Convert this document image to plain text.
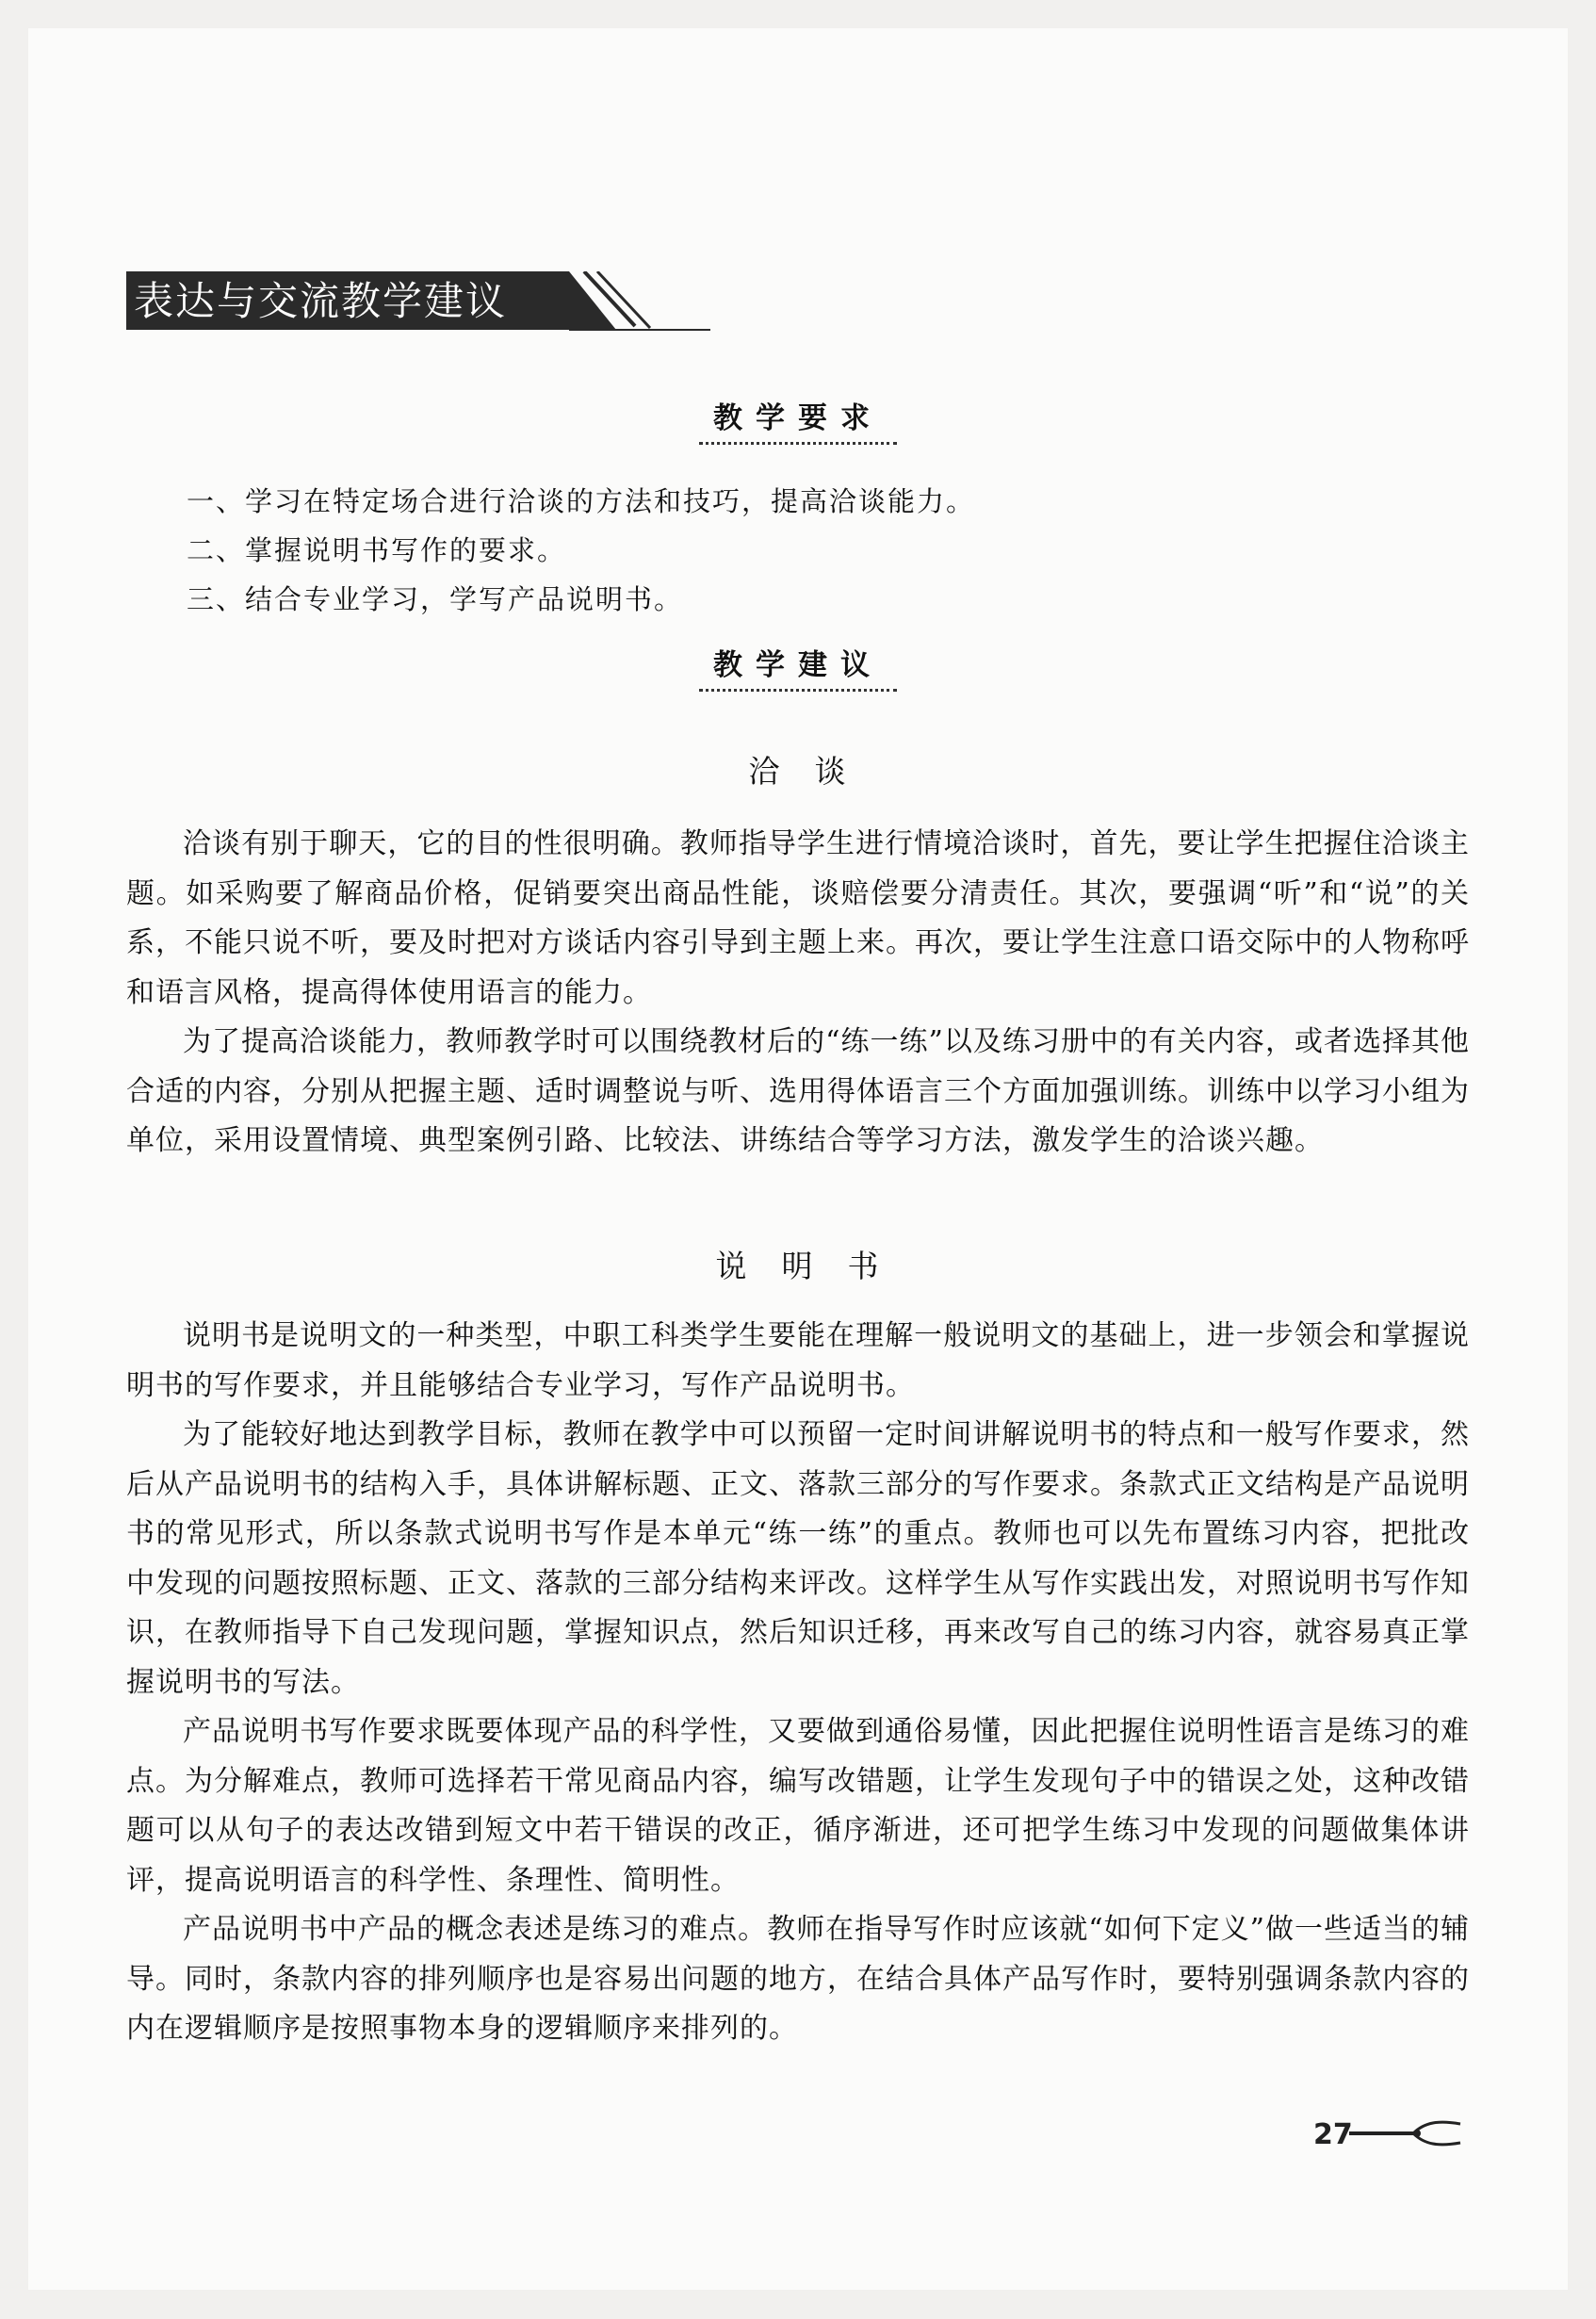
表达与交流教学建议
教学要求
一、学习在特定场合进行洽谈的方法和技巧，提高洽谈能力。
二、掌握说明书写作的要求。
三、结合专业学习，学写产品说明书。
教学建议
洽　谈

洽谈有别于聊天，它的目的性很明确。教师指导学生进行情境洽谈时，首先，要让学生把握住洽谈主题。如采购要了解商品价格，促销要突出商品性能，谈赔偿要分清责任。其次，要强调“听”和“说”的关系，不能只说不听，要及时把对方谈话内容引导到主题上来。再次，要让学生注意口语交际中的人物称呼和语言风格，提高得体使用语言的能力。

为了提高洽谈能力，教师教学时可以围绕教材后的“练一练”以及练习册中的有关内容，或者选择其他合适的内容，分别从把握主题、适时调整说与听、选用得体语言三个方面加强训练。训练中以学习小组为单位，采用设置情境、典型案例引路、比较法、讲练结合等学习方法，激发学生的洽谈兴趣。

说　明　书

说明书是说明文的一种类型，中职工科类学生要能在理解一般说明文的基础上，进一步领会和掌握说明书的写作要求，并且能够结合专业学习，写作产品说明书。

为了能较好地达到教学目标，教师在教学中可以预留一定时间讲解说明书的特点和一般写作要求，然后从产品说明书的结构入手，具体讲解标题、正文、落款三部分的写作要求。条款式正文结构是产品说明书的常见形式，所以条款式说明书写作是本单元“练一练”的重点。教师也可以先布置练习内容，把批改中发现的问题按照标题、正文、落款的三部分结构来评改。这样学生从写作实践出发，对照说明书写作知识，在教师指导下自己发现问题，掌握知识点，然后知识迁移，再来改写自己的练习内容，就容易真正掌握说明书的写法。

产品说明书写作要求既要体现产品的科学性，又要做到通俗易懂，因此把握住说明性语言是练习的难点。为分解难点，教师可选择若干常见商品内容，编写改错题，让学生发现句子中的错误之处，这种改错题可以从句子的表达改错到短文中若干错误的改正，循序渐进，还可把学生练习中发现的问题做集体讲评，提高说明语言的科学性、条理性、简明性。

产品说明书中产品的概念表述是练习的难点。教师在指导写作时应该就“如何下定义”做一些适当的辅导。同时，条款内容的排列顺序也是容易出问题的地方，在结合具体产品写作时，要特别强调条款内容的内在逻辑顺序是按照事物本身的逻辑顺序来排列的。

27
